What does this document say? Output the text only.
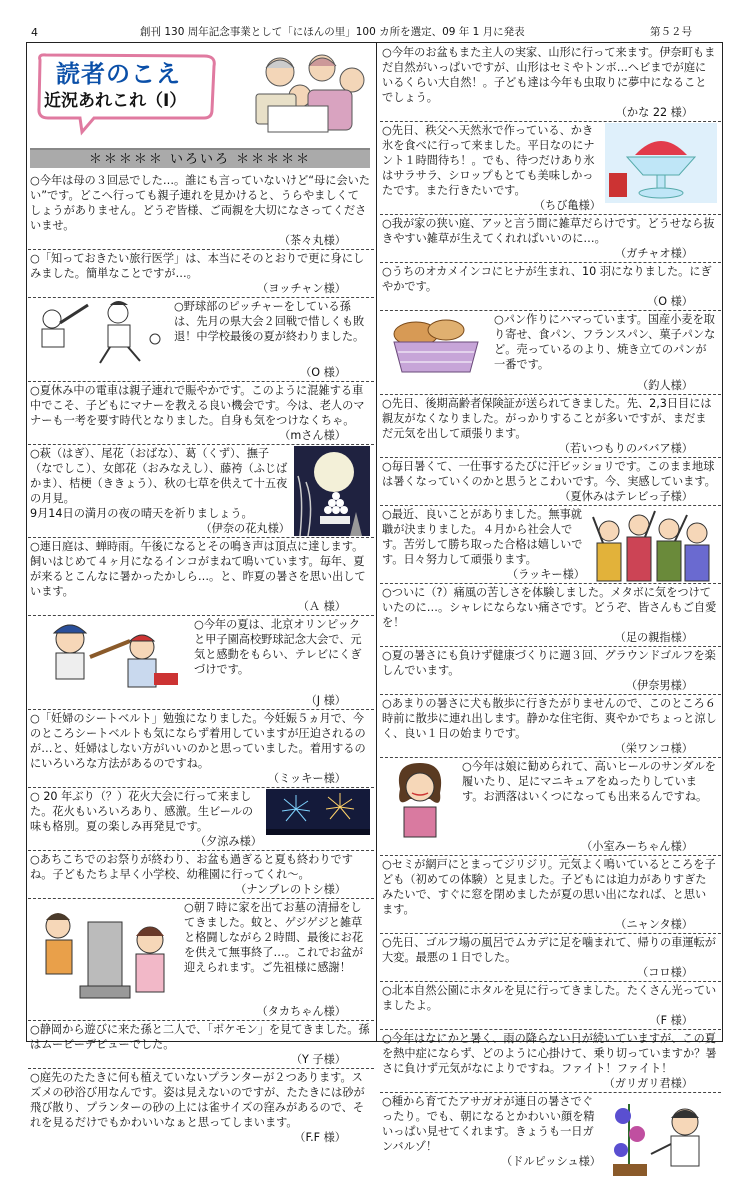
4	創刊 130 周年記念事業として「にほんの里」100 カ所を選定、09 年 1 月に発表	第５２号
読者のこえ
近況あれこれ（Ⅰ）
＊＊＊＊＊ いろいろ ＊＊＊＊＊
○今年は母の３回忌でした…。誰にも言っていないけど“母に会いたい”です。どこへ行っても親子連れを見かけると、うらやましくてしょうがありません。どうぞ皆様、ご両親を大切になさってくださいませ。
（茶々丸様）
○「知っておきたい旅行医学」は、本当にそのとおりで更に身にしみました。簡単なことですが…。
（ヨッチャン様）
○野球部のピッチャーをしている孫は、先月の県大会２回戦で惜しくも敗退！中学校最後の夏が終わりました。
（O 様）
○夏休み中の電車は親子連れで賑やかです。このように混雑する車中でこそ、子どもにマナーを教える良い機会です。今は、老人のマナーも一考を要す時代となりました。自身も気をつけなくちゃ。
（mさん様）
○萩（はぎ）、尾花（おばな）、葛（くず）、撫子（なでしこ）、女郎花（おみなえし）、藤袴（ふじばかま）、桔梗（ききょう）、秋の七草を供えて十五夜の月見。
9月14日の満月の夜の晴天を祈りましょう。
（伊奈の花丸様）
○連日庭は、蝉時雨。午後になるとその鳴き声は頂点に達します。飼いはじめて４ヶ月になるインコがまねて鳴いています。毎年、夏が来るとこんなに暑かったかしら…。と、昨夏の暑さを思い出しています。
（Ａ 様）
○今年の夏は、北京オリンピックと甲子園高校野球記念大会で、元気と感動をもらい、テレビにくぎづけです。
（J 様）
○「妊婦のシートベルト」勉強になりました。今妊娠５ヵ月で、今のところシートベルトも気にならず着用していますが圧迫されるのが…と、妊婦はしない方がいいのかと思っていました。着用するのにいろいろな方法があるのですね。
（ミッキー様）
○ 20 年ぶり（？）花火大会に行って来ました。花火もいろいろあり、感激。生ビールの味も格別。夏の楽しみ再発見です。
（夕涼み様）
○あちこちでのお祭りが終わり、お盆も過ぎると夏も終わりですね。子どもたちよ早く小学校、幼稚園に行ってくれ～。
（ナンブレのトシ様）
○朝７時に家を出てお墓の清掃をしてきました。蚊と、ゲジゲジと雑草と格闘しながら２時間、最後にお花を供えて無事終了…。これでお盆が迎えられます。ご先祖様に感謝！
（タカちゃん様）
○静岡から遊びに来た孫と二人で、「ポケモン」を見てきました。孫はムービーデビューでした。
（Y 子様）
○庭先のたたきに何も植えていないプランターが２つあります。スズメの砂浴び用なんです。姿は見えないのですが、たたきには砂が飛び散り、プランターの砂の上には雀サイズの窪みがあるので、それを見るだけでもかわいいなぁと思ってしまいます。
（F.F 様）
○今年のお盆もまた主人の実家、山形に行って来ます。伊奈町もまだ自然がいっぱいですが、山形はセミやトンボ…ヘビまでが庭にいるくらい大自然！。子ども達は今年も虫取りに夢中になることでしょう。
（かな 22 様）
○先日、秩父へ天然氷で作っている、かき氷を食べに行って来ました。平日なのにナント１時間待ち！。でも、待つだけあり氷はサラサラ、シロップもとても美味しかったです。また行きたいです。
（ちび亀様）
○我が家の狭い庭、アッと言う間に雑草だらけです。どうせなら抜きやすい雑草が生えてくれればいいのに…。
（ガチャオ様）
○うちのオカメインコにヒナが生まれ、10 羽になりました。にぎやかです。
（O 様）
○パン作りにハマっています。国産小麦を取り寄せ、食パン、フランスパン、菓子パンなど。売っているのより、焼き立てのパンが一番です。
（釣人様）
○先日、後期高齢者保険証が送られてきました。先、2,3日目には親友がなくなりました。がっかりすることが多いですが、まだまだ元気を出して頑張ります。
（若いつもりのババア様）
○毎日暑くて、一仕事するたびに汗ビッショリです。このまま地球は暑くなっていくのかと思うとこわいです。今、実感しています。
（夏休みはテレビっ子様）
○最近、良いことがありました。無事就職が決まりました。４月から社会人です。苦労して勝ち取った合格は嬉しいです。日々努力して頑張ります。
（ラッキー様）
○ついに（?）痛風の苦しさを体験しました。メタボに気をつけていたのに…。シャレにならない痛さです。どうぞ、皆さんもご自愛を！
（足の親指様）
○夏の暑さにも負けず健康づくりに週３回、グラウンドゴルフを楽しんでいます。
（伊奈男様）
○あまりの暑さに犬も散歩に行きたがりませんので、このところ６時前に散歩に連れ出します。静かな住宅街、爽やかでちょっと涼しく、良い１日の始まりです。
（栄ワンコ様）
○今年は娘に勧められて、高いヒールのサンダルを履いたり、足にマニキュアをぬったりしています。お洒落はいくつになっても出来るんですね。
（小室みーちゃん様）
○セミが網戸にとまってジリジリ。元気よく鳴いているところを子ども（初めての体験）と見ました。子どもには迫力がありすぎたみたいで、すぐに窓を閉めましたが夏の思い出になれば、と思います。
（ニャンタ様）
○先日、ゴルフ場の風呂でムカデに足を噛まれて、帰りの車運転が大変。最悪の１日でした。
（コロ様）
○北本自然公園にホタルを見に行ってきました。たくさん光っていましたよ。
（F 様）
○今年はなにかと暑く、雨の降らない日が続いていますが、この夏を熱中症にならず、どのように心掛けて、乗り切っていますか？暑さに負けず元気がなによりですね。ファイト！ファイト！
（ガリガリ君様）
○種から育てたアサガオが連日の暑さでぐったり。でも、朝になるとかわいい顔を精いっぱい見せてくれます。きょうも一日ガンバルゾ！
（ドルピッシュ様）
